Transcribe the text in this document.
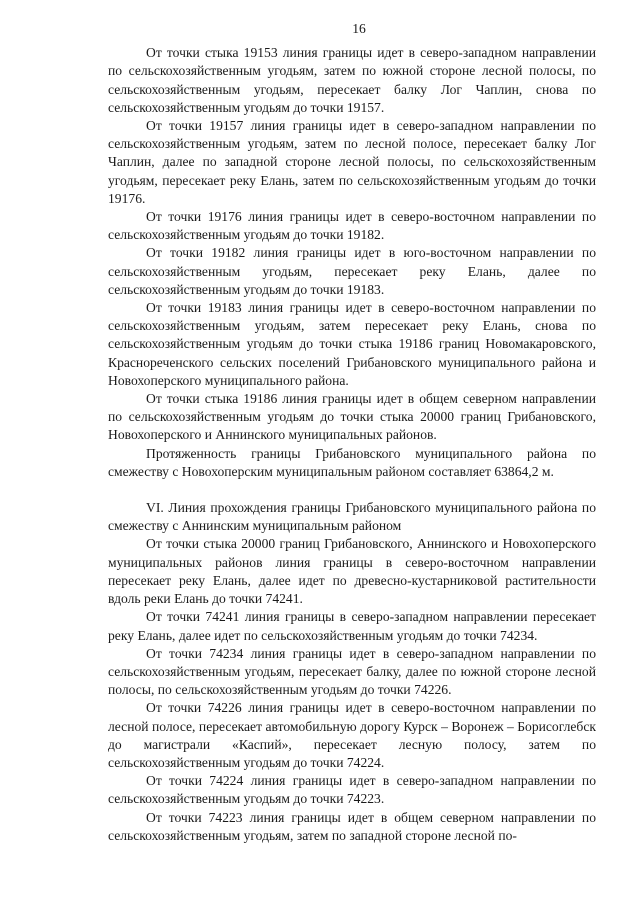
16

От точки стыка 19153 линия границы идет в северо-западном направлении по сельскохозяйственным угодьям, затем по южной стороне лесной полосы, по сельскохозяйственным угодьям, пересекает балку Лог Чаплин, снова по сельскохозяйственным угодьям до точки 19157.

От точки 19157 линия границы идет в северо-западном направлении по сельскохозяйственным угодьям, затем по лесной полосе, пересекает балку Лог Чаплин, далее по западной стороне лесной полосы, по сельскохозяйственным угодьям, пересекает реку Елань, затем по сельскохозяйственным угодьям до точки 19176.

От точки 19176 линия границы идет в северо-восточном направлении по сельскохозяйственным угодьям до точки 19182.

От точки 19182 линия границы идет в юго-восточном направлении по сельскохозяйственным угодьям, пересекает реку Елань, далее по сельскохозяйственным угодьям до точки 19183.

От точки 19183 линия границы идет в северо-восточном направлении по сельскохозяйственным угодьям, затем пересекает реку Елань, снова по сельскохозяйственным угодьям до точки стыка 19186 границ Новомакаровского, Краснореченского сельских поселений Грибановского муниципального района и Новохоперского муниципального района.

От точки стыка 19186 линия границы идет в общем северном направлении по сельскохозяйственным угодьям до точки стыка 20000 границ Грибановского, Новохоперского и Аннинского муниципальных районов.

Протяженность границы Грибановского муниципального района по смежеству с Новохоперским муниципальным районом составляет 63864,2 м.

VI. Линия прохождения границы Грибановского муниципального района по смежеству с Аннинским муниципальным районом

От точки стыка 20000 границ Грибановского, Аннинского и Новохоперского муниципальных районов линия границы в северо-восточном направлении пересекает реку Елань, далее идет по древесно-кустарниковой растительности вдоль реки Елань до точки 74241.

От точки 74241 линия границы в северо-западном направлении пересекает реку Елань, далее идет по сельскохозяйственным угодьям до точки 74234.

От точки 74234 линия границы идет в северо-западном направлении по сельскохозяйственным угодьям, пересекает балку, далее по южной стороне лесной полосы, по сельскохозяйственным угодьям до точки 74226.

От точки 74226 линия границы идет в северо-восточном направлении по лесной полосе, пересекает автомобильную дорогу Курск – Воронеж – Борисоглебск до магистрали «Каспий», пересекает лесную полосу, затем по сельскохозяйственным угодьям до точки 74224.

От точки 74224 линия границы идет в северо-западном направлении по сельскохозяйственным угодьям до точки 74223.

От точки 74223 линия границы идет в общем северном направлении по сельскохозяйственным угодьям, затем по западной стороне лесной по-
